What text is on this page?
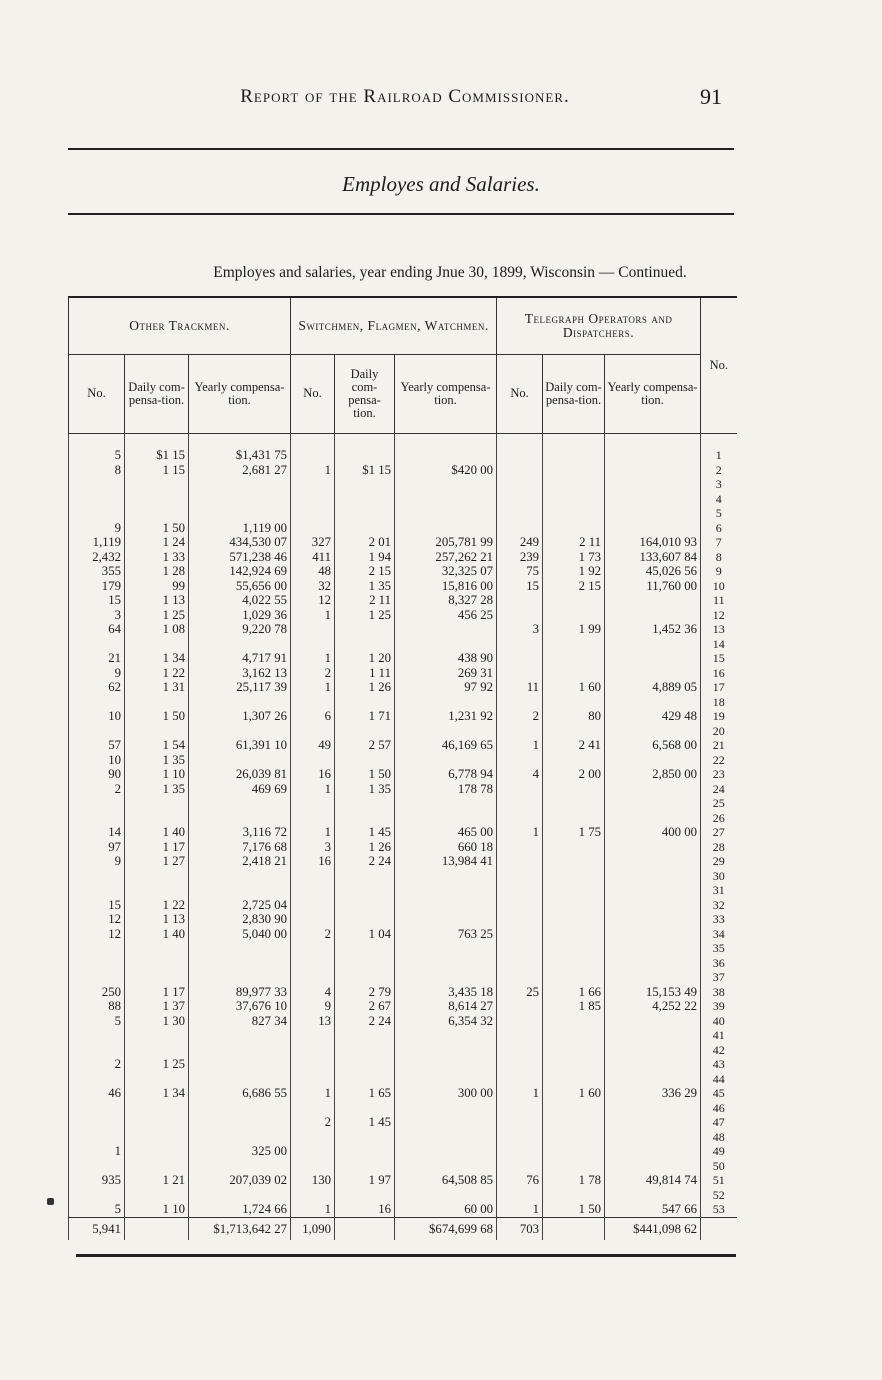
Report of the Railroad Commissioner.	91
Employes and Salaries.
Employes and salaries, year ending Jnue 30, 1899, Wisconsin — Continued.
Other Trackmen.			Switchmen, Flagmen, Watchmen.			Telegraph Operators and Dispatchers.			No.
No.	Daily com-pensa-tion.	Yearly compensa-tion.	No.	Daily com-pensa-tion.	Yearly compensa-tion.	No.	Daily com-pensa-tion.	Yearly compensa-tion.	
5	$1 15	$1,431 75							1
8	1 15	2,681 27	1	$1 15	$420 00				2
									3
									4
									5
9	1 50	1,119 00							6
1,119	1 24	434,530 07	327	2 01	205,781 99	249	2 11	164,010 93	7
2,432	1 33	571,238 46	411	1 94	257,262 21	239	1 73	133,607 84	8
355	1 28	142,924 69	48	2 15	32,325 07	75	1 92	45,026 56	9
179	99	55,656 00	32	1 35	15,816 00	15	2 15	11,760 00	10
15	1 13	4,022 55	12	2 11	8,327 28				11
3	1 25	1,029 36	1	1 25	456 25				12
64	1 08	9,220 78				3	1 99	1,452 36	13
									14
21	1 34	4,717 91	1	1 20	438 90				15
9	1 22	3,162 13	2	1 11	269 31				16
62	1 31	25,117 39	1	1 26	97 92	11	1 60	4,889 05	17
									18
10	1 50	1,307 26	6	1 71	1,231 92	2	80	429 48	19
									20
57	1 54	61,391 10	49	2 57	46,169 65	1	2 41	6,568 00	21
10	1 35								22
90	1 10	26,039 81	16	1 50	6,778 94	4	2 00	2,850 00	23
2	1 35	469 69	1	1 35	178 78				24
									25
									26
14	1 40	3,116 72	1	1 45	465 00	1	1 75	400 00	27
97	1 17	7,176 68	3	1 26	660 18				28
9	1 27	2,418 21	16	2 24	13,984 41				29
									30
									31
15	1 22	2,725 04							32
12	1 13	2,830 90							33
12	1 40	5,040 00	2	1 04	763 25				34
									35
									36
									37
250	1 17	89,977 33	4	2 79	3,435 18	25	1 66	15,153 49	38
88	1 37	37,676 10	9	2 67	8,614 27		1 85	4,252 22	39
5	1 30	827 34	13	2 24	6,354 32				40
									41
									42
2	1 25								43
									44
46	1 34	6,686 55	1	1 65	300 00	1	1 60	336 29	45
									46
			2	1 45					47
									48
1		325 00							49
									50
935	1 21	207,039 02	130	1 97	64,508 85	76	1 78	49,814 74	51
									52
5	1 10	1,724 66	1	16	60 00	1	1 50	547 66	53
5,941		$1,713,642 27	1,090		$674,699 68	703		$441,098 62	
